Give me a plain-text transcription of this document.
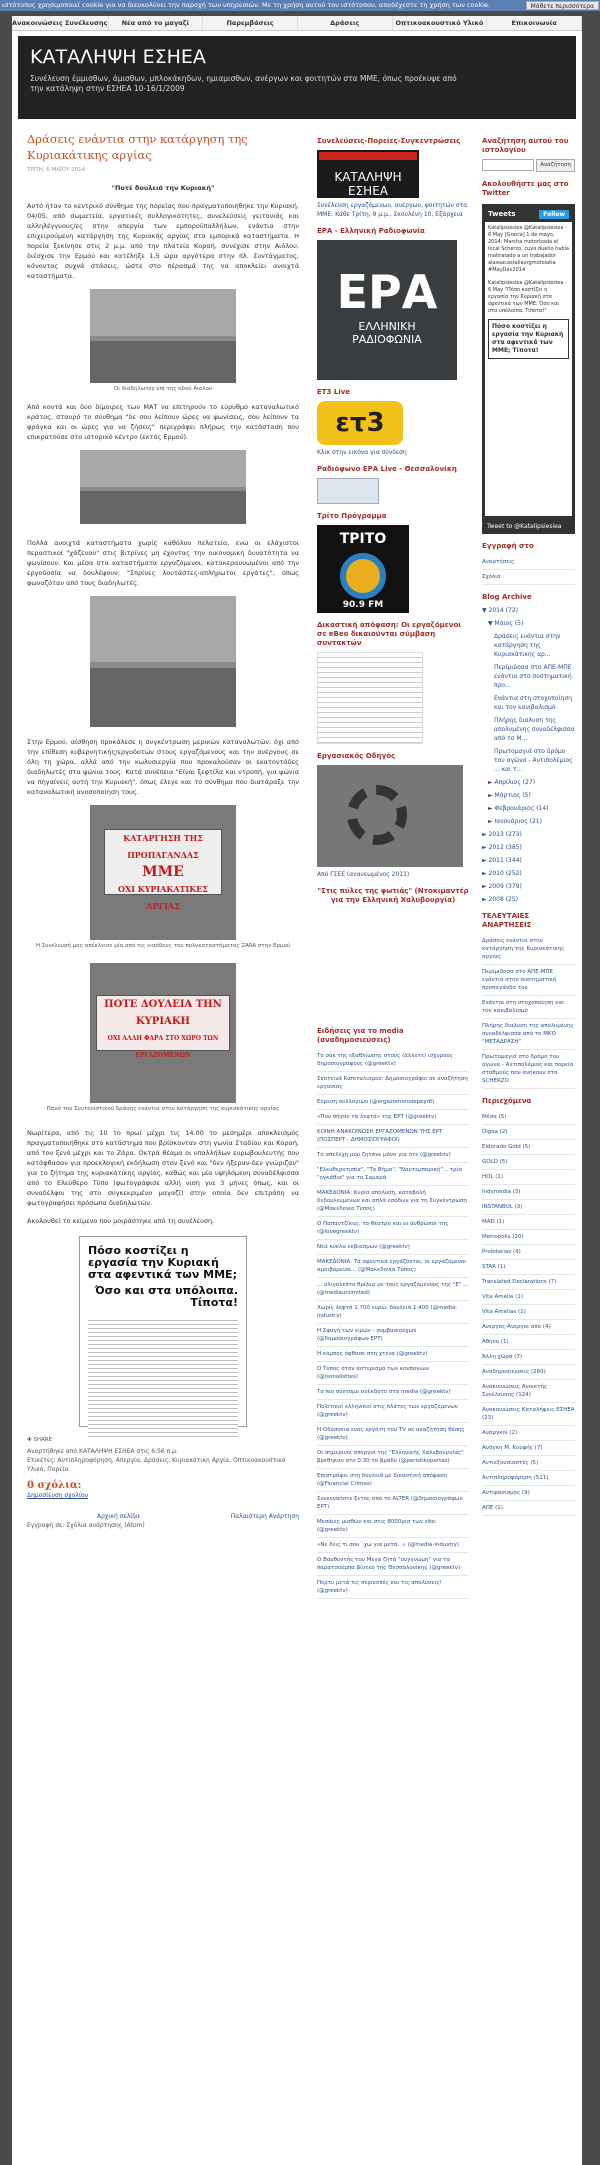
ιστότοπος χρησιμοποιεί cookie για να διευκολύνει την παροχή των υπηρεσιών. Με τη χρήση αυτού του ιστότοπου, αποδέχεστε τη χρήση των cookie.	Μάθετε περισσότερα
Ανακοινώσεις Συνέλευσης	Νέα από το μαγαζί	Παρεμβάσεις	Δράσεις	Οπτικοακουστικό Υλικό	Επικοινωνία
ΚΑΤΑΛΗΨΗ ΕΣΗΕΑ
Συνέλευση έμμισθων, άμισθων, μπλοκάκηδων, ημιαμισθων, ανέργων και φοιτητών στα ΜΜΕ, όπως προέκυψε από την κατάληψη στην ΕΣΗΕΑ 10-16/1/2009
Δράσεις ενάντια στην κατάργηση της Κυριακάτικης αργίας
ΤΡΙΤΗ, 6 ΜΑΪΟΥ 2014
"Ποτέ δουλειά την Κυριακή"
Αυτό ήταν το κεντρικό σύνθημα της πορείας που πραγματοποιήθηκε την Κυριακή, 04/05, από σωματεία, εργατικές συλλογικότητες, συνελεύσεις γειτονιάς και αλληλέγγυους/ες στην απεργία των εμποροϋπαλλήλων, ενάντια στην επιχειρούμενη κατάργηση της Κυριακής αργίας στα εμπορικά καταστήματα. Η πορεία ξεκίνησε στις 2 μ.μ. από την πλατεία Κοραή, συνέχισε στην Αιόλου, διέσχισε την Ερμού και κατέληξε 1,5 ώρα αργότερα στην πλ. Συντάγματος, κάνοντας συχνά στάσεις, ώστε στο πέρασμά της να αποκλείει ανοιχτά καταστήματα.
Οι διαδηλωτές επί της οδού Αιόλου
Από κοντά και δύο δίμοιρες των ΜΑΤ να επιτηρούν το εύρυθμο καταναλωτικό κράτος, σταυρό το σύνθημα "δε σου λείπουν ώρες να ψωνίσεις, σου λείπουν τα φράγκα και οι ώρες για να ζήσεις" περιγράφει πλήρως την κατάσταση που επικρατούσε στο ιστορικό κέντρο (εκτός Ερμού).
Πολλά ανοιχτά καταστήματα χωρίς καθόλου πελατεία, ενώ οι ελάχιστοι περαστικοί "χάζευαν" στις βιτρίνες μη έχοντας την οικονομική δυνατότητα να ψωνίσουν. Και μέσα στα καταστήματα εργαζόμενοι, κατακεραυνωμένοι από την εργοδοσία να δουλέψουν: "Σπρίνες λουτάστες-απλήρωτοι εργάτες", όπως φωναζόταν από τους διαδηλωτές.
Στην Ερμού, αίσθηση προκάλεσε η συγκέντρωση μερικών καταναλωτών, όχι από την επίθεση κυβερνητικής/εργοδοτών στους εργαζόμενους και την ανέργους σε όλη τη χώρα, αλλά από την κωλυσιεργία που προκαλούσαν οι εκατοντάδες διαδηλωτές στα ψώνια τους. Κατά συνέπεια "Είναι ξεφτίλα και ντροπή, για ψώνια να πηγαίνεις αυτή την Κυριακή", όπως έλεγε και το σύνθημα που διατάραξε την καταναλωτική ανοσοποίηση τους.
ΚΑΤΑΡΓΗΣΗ ΤΗΣ ΠΡΟΠΑΓΑΝΔΑΣ
ΜΜΕ
ΟΧΙ ΚΥΡΙΑΚΑΤΙΚΕΣ ΑΡΓΙΑΣ
Η Συνέλευσή μας απέκλεισε μία από τις εισόδους του πολυκαταστήματος ZARA στην Ερμού
ΠΟΤΕ ΔΟΥΛΕΙΑ ΤΗΝ ΚΥΡΙΑΚΗ
ΟΧΙ ΑΛΛΗ ΦΑΡΑ ΣΤΟ ΧΩΡΟ ΤΩΝ ΕΡΓΑΖΟΜΕΝΩΝ
Πανό του Συντονιστικού δράσης ενάντια στην κατάργηση της κυριακάτικης αργίας
Νωρίτερα, από τις 10 το πρωί μέχρι τις 14.00 το μεσημέρι αποκλεισμός πραγματοποιήθηκε στο κατάστημα που βρίσκονταν στη γωνία Σταδίου και Κοραή, από τον ξενό μέχρι και το Ζάρα. Οκτρά θέαμα οι υπαλλήλων ευρωβουλευτής που κατάφθασαν για προεκλογική εκδήλωση στον ξενό και "δεν ήξεραν-δεν γνώριζαν" για το ζήτημα της κυριακάτικης αργίας, καθώς και μία υψηλόμενη συναδέλφισσα από το Ελεύθερο Τύπο (φωτογράφισε αλλή νιση για 3 μήνες όπως, και οι συναδέλφοι της στο συγκεκριμένο μαγαζί) στην οποία δεν επιτράπη να φωτογραφήσει πρόσωπα διαδηλωτών.
Ακολουθεί το κείμενο που μοιράστηκε από τη συνέλευση.
Πόσο κοστίζει η εργασία την Κυριακή στα αφεντικά των ΜΜΕ;
Όσο και στα υπόλοιπα. Τίποτα!
✚ SHARE
Αναρτήθηκε από ΚΑΤΑΛΗΨΗ ΕΣΗΕΑ στις 6:56 π.μ.
Ετικέτες: Αντιπληροφόρηση, Απεργία, Δράσεις, Κυριακάτικη Αργία, Οπτικοακουστικό Υλικό, Πορεία
0 σχόλια:
Δημοσίευση σχολίου
Αρχική σελίδα	Παλαιότερη Ανάρτηση
Εγγραφή σε: Σχόλια ανάρτησης (Atom)
Συνελεύσεις-Πορείες-Συγκεντρώσεις
ΚΑΤΑΛΗΨΗ ΕΣΗΕΑ
Συνέλευση εργαζόμενων, ανέργων, φοιτητών στα ΜΜΕ: Κάθε Τρίτη, 9 μ.μ., Σκουλένη 10, Εξάρχεια
ΕΡΑ - Ελληνική Ραδιοφωνία
ΕΡΑ
ΕΛΛΗΝΙΚΗ ΡΑΔΙΟΦΩΝΙΑ
ΕΤ3 Live
ετ3
Κλικ στην εικόνα για σύνδεση
Ραδιόφωνο ΕΡΑ Live - Θεσσαλονίκη
Τρίτο Πρόγραμμα
ΤΡΙΤΟ
90.9 FM
Δικαστική απόφαση: Οι εργαζόμενοι σε eBeo δικαιούνται σύμβαση συντακτών
Εργασιακός Οδηγός
Από ΓΣΕΕ (ανανεωμένος 2011)
"Στις πύλες της φωτιάς" (Ντοκιμαντέρ για την Ελληνική Χαλυβουργία)
Ειδήσεις για το media (αναδημοσιεύσεις)
Το σόκ της εξαθλίωσης στους (άλλοτε) ισχυρούς δημοσιογράφους (@greektv)
Σκοτεινά Καπιταλισμού: Δημοσιογράφοι σε αναζήτηση εργασίας
Εύρεση ουλλογιών (@ergazomenoiepeydt)
«Πού πήγαν τα λεφτά» της ΕΡΤ (@greektv)
ΚΟΙΝΗ ΑΝΑΚΟΙΝΩΣΗ ΕΡΓΑΖΟΜΕΝΩΝ ΤΗΣ ΕΡΤ (ΠΟΣΠΕΡΤ - ΔΗΜΟΣΙΟΓΡΑΦΟΙ)
Το απελέχη μου ζητάνε μόνο για ότε (@greektv)
"Ελευθεροτυπία", "Το Βήμα", "Ναυτεμπορική"... τρία "ογκάθια" για το Σαμαρά
ΜΑΚΕΔΟΝΙΑ: Κυρία απόλυση, καταβολή δεδουλευμένων και απλά εσόδων για τη Συγκέντρωση (@Μακεδονία Τύπος)
Ο Παπαντζίκος, το θέατρο και οι άνθρωποι της (@lovegreektv)
Νέα κύκλο εκβιασμών (@greektv)
ΜΑΚΕΔΟΝΙΑ: Τα αφεντικά εργάζονται, οι εργαζόμενοι αμοιβόμενοι... (@Μακεδονία Τύπος)
... ολιγόλεπτο θρίλερ με τους εργαζόμενους της "Ε" ... (@mediaunlimited)
Χωρίς λεφτά 1.700 ευρώ: δουλειά 1.400 (@media-industry)
Η Σφαγή των ειμών - συμβασιούχων (@δημοσιογράφων ΕΡΤ)
Η κόμπος όφθασε στη χτένα (@greektv)
Ο Τύπος στον αστερισμό των κουπονιών (@isonalisttes)
Το πιο σύντομο ανέκδοτο στα media (@greektv)
Πολιτικοί ελληνικοί στις πλάτες των εργαζόμενων (@greektv)
Η Οδύσσεια ενός εργάτη του ΤV σε αναζήτηση θέσης (@greektv)
Οι σημερινοί απεργοί της "Ελληνικής Χαλυβουργίας" βρέθηκαν στο 0.30 το βράδυ (@peristikopertas)
Επιστράφει στη δουλειά με δικαστική απόφαση (@Financial Crimes)
Συνεννοήστε ξέτος από το ALTER (@δημοσιογράφων ΕΡΤ)
Μεσάιες μισθών και στις 8000ρισ των site; (@greektv)
«Νε δεις τι σου `χω για μετά...» (@media-industry)
Ο Βαυθυντής του Μεγα ζητά "ουγγνώμη" για τα παρατσούμπα βίντεο της Θεσσαλονίκης (@greektv)
Πέρτυ μετά τις περικοπές και τις απολύσεις! (@greektv)
Αναζήτηση αυτού του ιστολογίου
Αναζήτηση
Ακολουθήστε μας στο Twitter
Tweets	Follow
Katalipsiesiea @Katalipsiesiea · 6 May [Grecia] 1 de mayo, 2014: Marcha motorizada el local Scherzo, cuyo dueño había maltratado a un trabajador alasoacastaliaorgmotolatia #MayDav2014
Katalipsiesiea @Katalipsiesiea · 6 May "Πόσο κοστίζει η εργασία την Κυριακή στα αφεντικά των ΜΜΕ; Όσο και στα υπόλοιπα. Τίποτα!"
Πόσο κοστίζει η εργασία την Κυριακή στα αφεντικά των ΜΜΕ; Τίποτα!
Tweet to @Katalipsiesiea
Εγγραφή στο
Αναρτήσεις
Σχόλια
Blog Archive
▼ 2014 (72)
▼ Μάιος (5)
Δράσεις ενάντια στην κατάργηση της Κυριακάτικης αρ...
Περίμιδοσα στο ΑΠΕ-ΜΠΕ ενάντια στο συστηματική προ...
Ενάντια στη στοχοποίηση και τον κανιβαλισμό
Πλήρης διαλυση της απολυμένης συναδέλφισσα από το Μ...
Πρωτομαγιά στο δρόμο του αγώνα - Αντιπολέμιος ... και τ...
► Απρίλιος (27)
► Μάρτιος (5)
► Φεβρουάριος (14)
► Ιανουάριος (21)
► 2013 (273)
► 2012 (385)
► 2011 (344)
► 2010 (252)
► 2009 (379)
► 2008 (25)
ΤΕΛΕΥΤΑΙΕΣ ΑΝΑΡΤΗΣΕΙΣ
Δράσεις ενάντια στην κατάργηση της Κυριακάτικης αργίας
Περίμιδοσα στο ΑΠΕ-ΜΠΕ ενάντια στην συστηματική προπαγάνδα του
Ενάντια στη στοχοποίηση και τον κανιβαλισμό
Πλήρης διαλυση της απολυμένης συναδέλφισσα από το ΜΚΟ "ΜΕΤΑΔΡΑΣΗ"
Πρωτομαγιά στο δρόμο του αγώνα - Αντιπολέμιος και πορεία σταθμούς που ανήκουν στο SCHERZO
Περιεχόμενα
Μέσα (5)
Digea (2)
Eldorado Gold (5)
GOLD (5)
HOL (1)
Indymedia (3)
INSTANBUL (3)
MAD (1)
Metropolis (20)
Proletariaz (4)
STAR (1)
Translated Declarations (7)
Vita Amelia (1)
Vita Amelias (1)
Άνεργος-Άνεργοι από (4)
Άθηνο (1)
Άλλη χώρα (7)
Αναδημοσιεύσεις (260)
Ανακοινώσεις Ανοικτής Συνέλευσης (124)
Ανακοινώσεις Καταλήψεις ΕΣΗΕΑ (23)
Ανάργκοί (2)
Ανάγκη Μ. Κουφής (7)
Αντιεξουσιαστές (5)
Αντιπληροφόρηση (511)
Αντιφασισμός (9)
ΑΠΕ (1)
